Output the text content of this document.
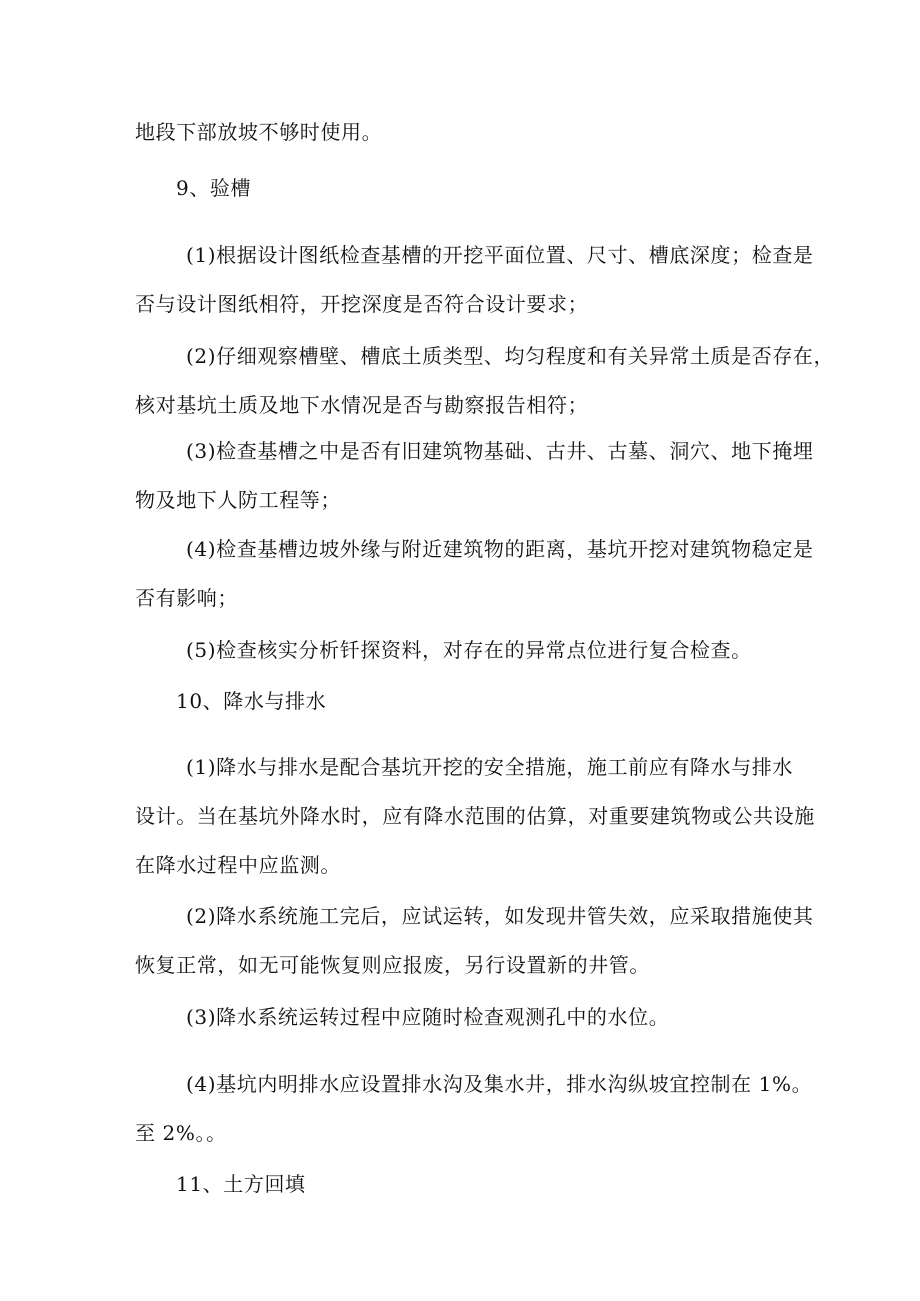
地段下部放坡不够时使用。
9、验槽
(1)根据设计图纸检查基槽的开挖平面位置、尺寸、槽底深度；检查是
否与设计图纸相符，开挖深度是否符合设计要求；
(2)仔细观察槽壁、槽底土质类型、均匀程度和有关异常土质是否存在，
核对基坑土质及地下水情况是否与勘察报告相符；
(3)检查基槽之中是否有旧建筑物基础、古井、古墓、洞穴、地下掩埋
物及地下人防工程等；
(4)检查基槽边坡外缘与附近建筑物的距离，基坑开挖对建筑物稳定是
否有影响；
(5)检查核实分析钎探资料，对存在的异常点位进行复合检查。
10、降水与排水
(1)降水与排水是配合基坑开挖的安全措施，施工前应有降水与排水
设计。当在基坑外降水时，应有降水范围的估算，对重要建筑物或公共设施
在降水过程中应监测。
(2)降水系统施工完后，应试运转，如发现井管失效，应采取措施使其
恢复正常，如无可能恢复则应报废，另行设置新的井管。
(3)降水系统运转过程中应随时检查观测孔中的水位。
(4)基坑内明排水应设置排水沟及集水井，排水沟纵坡宜控制在 1%。
至 2%。。
11、土方回填
